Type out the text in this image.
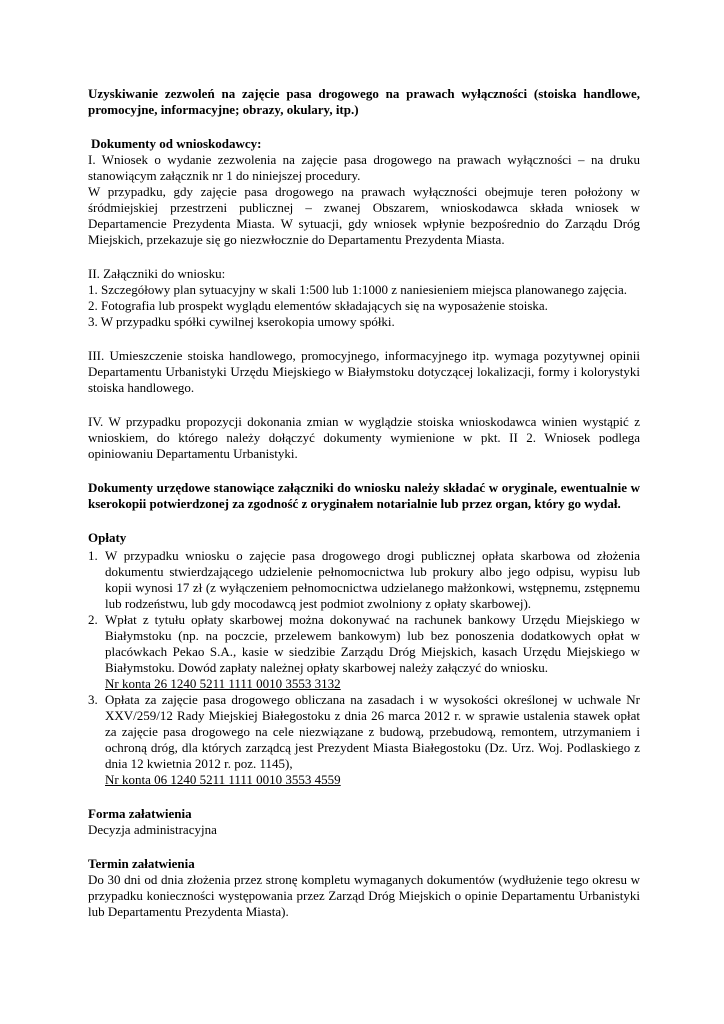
Uzyskiwanie zezwoleń na zajęcie pasa drogowego na prawach wyłączności (stoiska handlowe, promocyjne, informacyjne; obrazy, okulary, itp.)

Dokumenty od wnioskodawcy:

I. Wniosek o wydanie zezwolenia na zajęcie pasa drogowego na prawach wyłączności – na druku stanowiącym załącznik nr 1 do niniejszej procedury.

W przypadku, gdy zajęcie pasa drogowego na prawach wyłączności obejmuje teren położony w śródmiejskiej przestrzeni publicznej – zwanej Obszarem, wnioskodawca składa wniosek w Departamencie Prezydenta Miasta. W sytuacji, gdy wniosek wpłynie bezpośrednio do Zarządu Dróg Miejskich, przekazuje się go niezwłocznie do Departamentu Prezydenta Miasta.

II. Załączniki do wniosku:

1. Szczegółowy plan sytuacyjny w skali 1:500 lub 1:1000 z naniesieniem miejsca planowanego zajęcia.

2. Fotografia lub prospekt wyglądu elementów składających się na wyposażenie stoiska.

3. W przypadku spółki cywilnej kserokopia umowy spółki.

III. Umieszczenie stoiska handlowego, promocyjnego, informacyjnego itp. wymaga pozytywnej opinii Departamentu Urbanistyki Urzędu Miejskiego w Białymstoku dotyczącej lokalizacji, formy i kolorystyki stoiska handlowego.

IV. W przypadku propozycji dokonania zmian w wyglądzie stoiska wnioskodawca winien wystąpić z wnioskiem, do którego należy dołączyć dokumenty wymienione w pkt. II 2. Wniosek podlega opiniowaniu Departamentu Urbanistyki.

Dokumenty urzędowe stanowiące załączniki do wniosku należy składać w oryginale, ewentualnie w kserokopii potwierdzonej za zgodność z oryginałem notarialnie lub przez organ, który go wydał.

Opłaty

1. W przypadku wniosku o zajęcie pasa drogowego drogi publicznej opłata skarbowa od złożenia dokumentu stwierdzającego udzielenie pełnomocnictwa lub prokury albo jego odpisu, wypisu lub kopii wynosi 17 zł (z wyłączeniem pełnomocnictwa udzielanego małżonkowi, wstępnemu, zstępnemu lub rodzeństwu, lub gdy mocodawcą jest podmiot zwolniony z opłaty skarbowej).
2. Wpłat z tytułu opłaty skarbowej można dokonywać na rachunek bankowy Urzędu Miejskiego w Białymstoku (np. na poczcie, przelewem bankowym) lub bez ponoszenia dodatkowych opłat w placówkach Pekao S.A., kasie w siedzibie Zarządu Dróg Miejskich, kasach Urzędu Miejskiego w Białymstoku. Dowód zapłaty należnej opłaty skarbowej należy załączyć do wniosku.
Nr konta 26 1240 5211 1111 0010 3553 3132
3. Opłata za zajęcie pasa drogowego obliczana na zasadach i w wysokości określonej w uchwale Nr XXV/259/12 Rady Miejskiej Białegostoku z dnia 26 marca 2012 r. w sprawie ustalenia stawek opłat za zajęcie pasa drogowego na cele niezwiązane z budową, przebudową, remontem, utrzymaniem i ochroną dróg, dla których zarządcą jest Prezydent Miasta Białegostoku (Dz. Urz. Woj. Podlaskiego z dnia 12 kwietnia 2012 r. poz. 1145),
Nr konta 06 1240 5211 1111 0010 3553 4559

Forma załatwienia

Decyzja administracyjna

Termin załatwienia

Do 30 dni od dnia złożenia przez stronę kompletu wymaganych dokumentów (wydłużenie tego okresu w przypadku konieczności występowania przez Zarząd Dróg Miejskich o opinie Departamentu Urbanistyki lub Departamentu Prezydenta Miasta).
